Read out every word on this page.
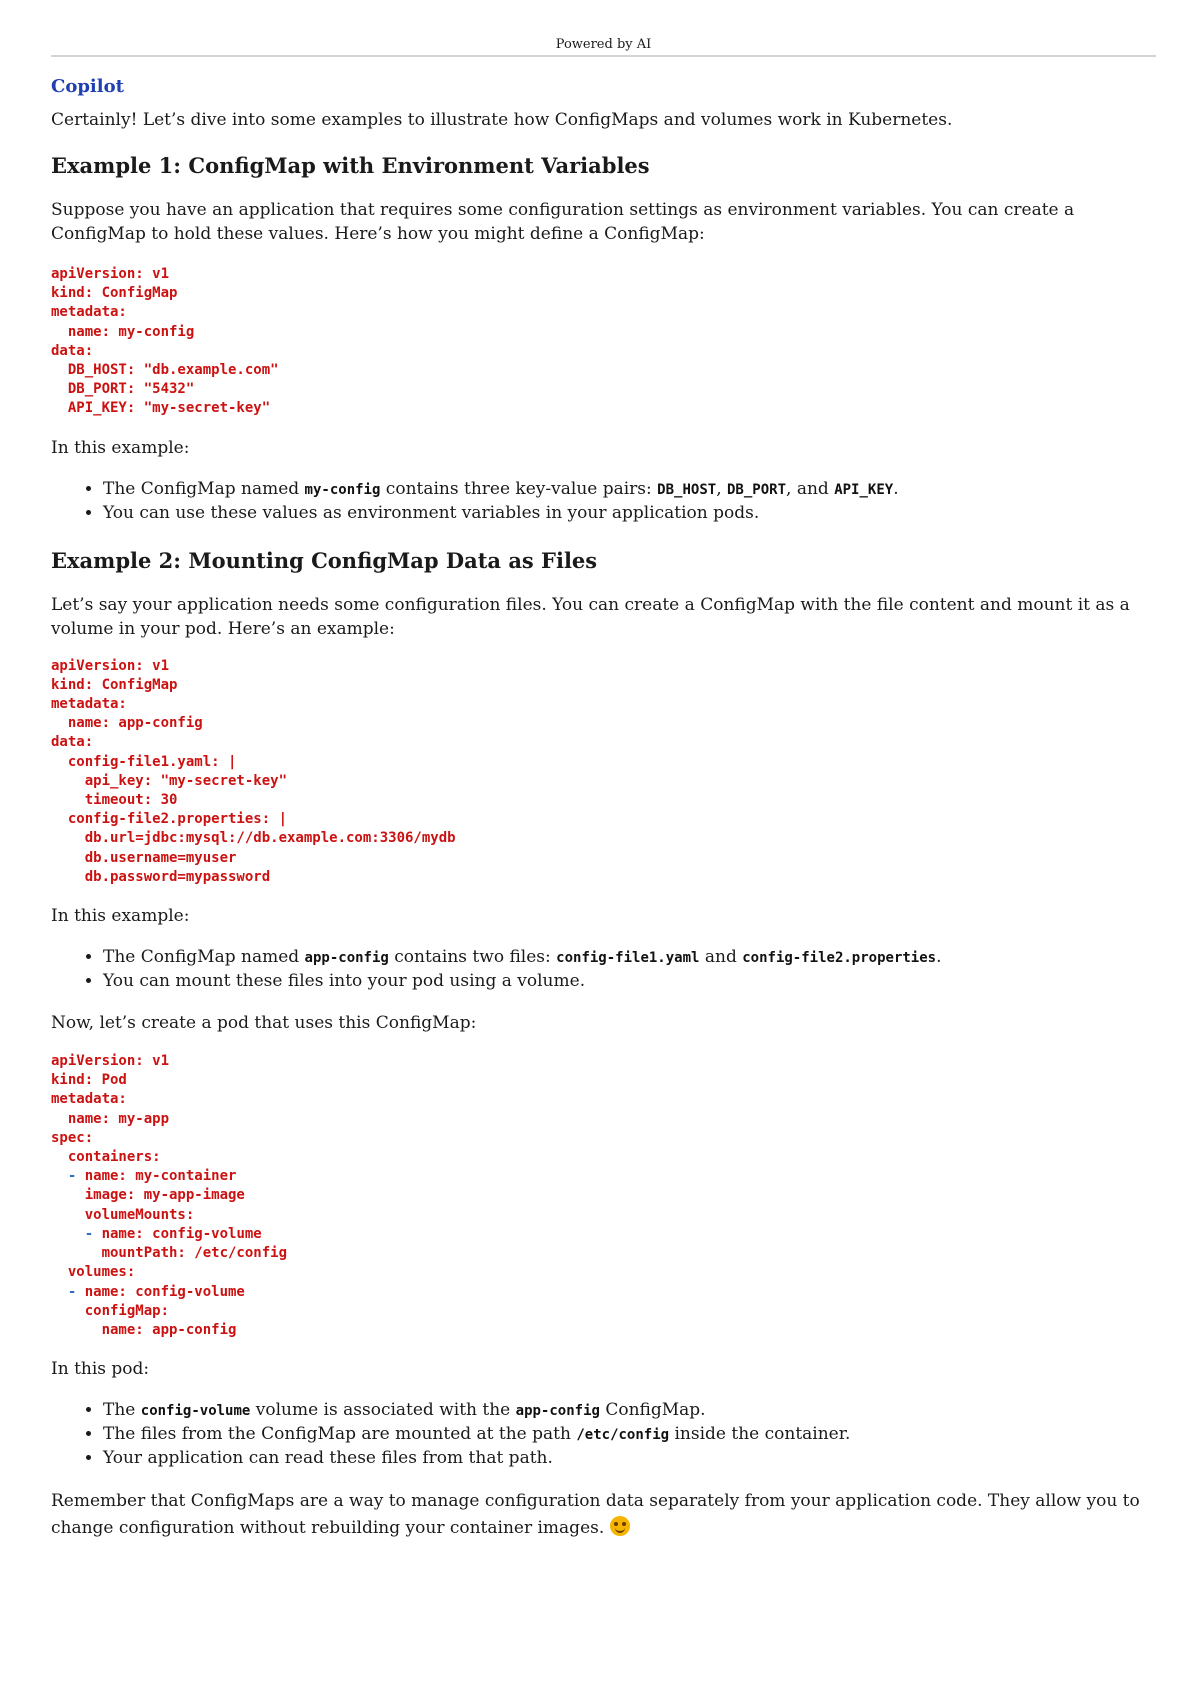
Powered by AI
Copilot

Certainly! Let’s dive into some examples to illustrate how ConfigMaps and volumes work in Kubernetes.

Example 1: ConfigMap with Environment Variables

Suppose you have an application that requires some configuration settings as environment variables. You can create a ConfigMap to hold these values. Here’s how you might define a ConfigMap:

apiVersion: v1
kind: ConfigMap
metadata:
name: my-config
data:
DB_HOST: "db.example.com"
DB_PORT: "5432"
API_KEY: "my-secret-key"

In this example:

• The ConfigMap named my-config contains three key-value pairs: DB_HOST, DB_PORT, and API_KEY.
• You can use these values as environment variables in your application pods.
Example 2: Mounting ConfigMap Data as Files

Let’s say your application needs some configuration files. You can create a ConfigMap with the file content and mount it as a volume in your pod. Here’s an example:

apiVersion: v1
kind: ConfigMap
metadata:
name: app-config
data:
config-file1.yaml: |
api_key: "my-secret-key"
timeout: 30
config-file2.properties: |
db.url=jdbc:mysql://db.example.com:3306/mydb
db.username=myuser
db.password=mypassword

In this example:

• The ConfigMap named app-config contains two files: config-file1.yaml and config-file2.properties.
• You can mount these files into your pod using a volume.

Now, let’s create a pod that uses this ConfigMap:

apiVersion: v1
kind: Pod
metadata:
name: my-app
spec:
containers:
- name: my-container
image: my-app-image
volumeMounts:
- name: config-volume
mountPath: /etc/config
volumes:
- name: config-volume
configMap:
name: app-config

In this pod:

• The config-volume volume is associated with the app-config ConfigMap.
• The files from the ConfigMap are mounted at the path /etc/config inside the container.
• Your application can read these files from that path.

Remember that ConfigMaps are a way to manage configuration data separately from your application code. They allow you to change configuration without rebuilding your container images.
